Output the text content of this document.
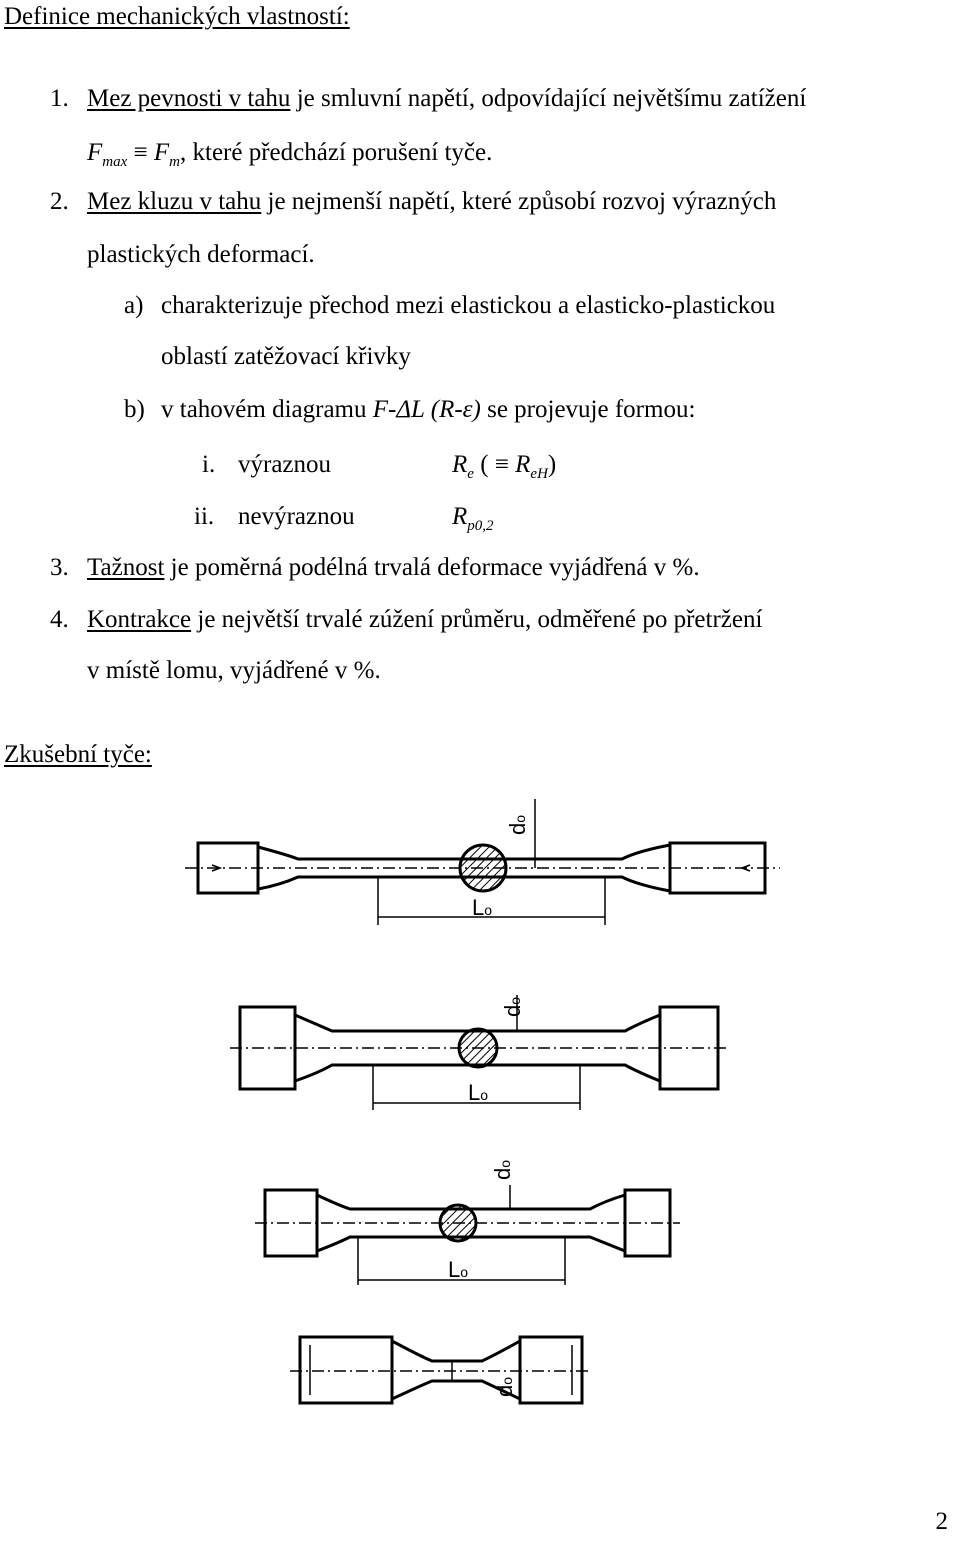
Definice mechanických vlastností:
1. Mez pevnosti v tahu je smluvní napětí, odpovídající největšímu zatížení
$F_{max} \equiv F_m$, které předchází porušení tyče.
2. Mez kluzu v tahu je nejmenší napětí, které způsobí rozvoj výrazných
plastických deformací.
a) charakterizuje přechod mezi elastickou a elasticko-plastickou
oblastí zatěžovací křivky
b) v tahovém diagramu F-ΔL (R-ε) se projevuje formou:
i. výraznou	$R_e$ ( ≡ $R_{eH}$)
ii. nevýraznou	$R_{p0,2}$
3. Tažnost je poměrná podélná trvalá deformace vyjádřená v %.
4. Kontrakce je největší trvalé zúžení průměru, odměřené po přetržení
v místě lomu, vyjádřené v %.
Zkušební tyče:
do
Lo
do
Lo
do
Lo
do
2
